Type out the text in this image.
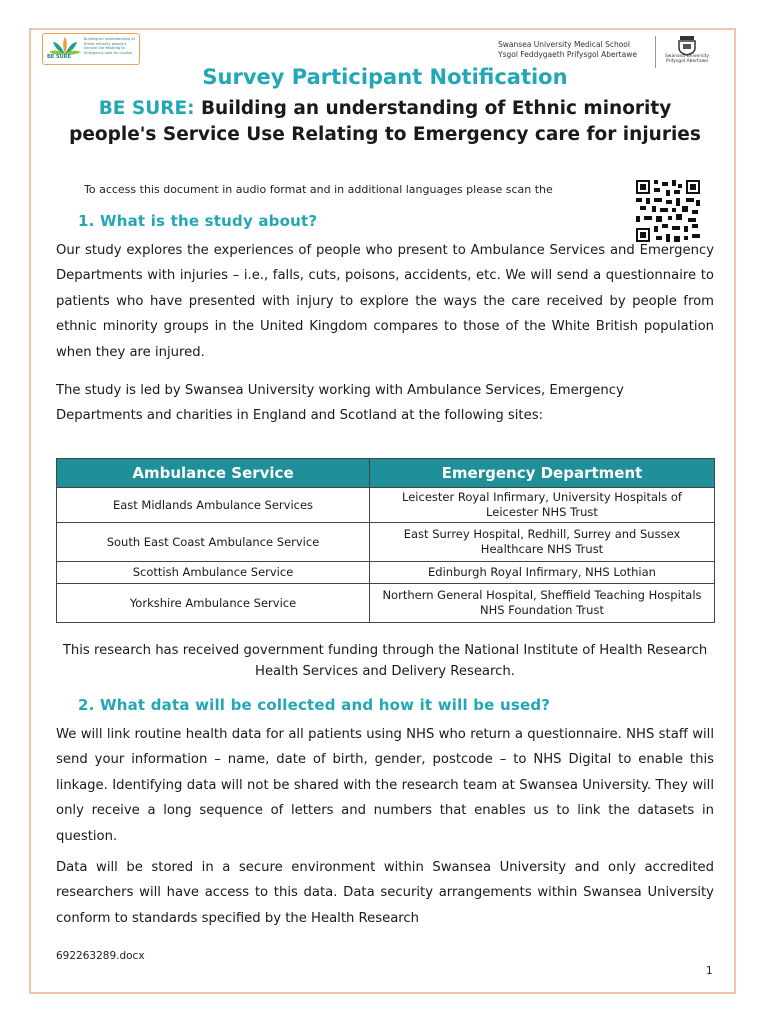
BE SURE
Building an understanding of Ethnic minority people's Service Use Relating to Emergency care for injuries
Swansea University Medical School
Ysgol Feddygaeth Prifysgol Abertawe	Swansea University
Prifysgol Abertawe
Survey Participant Notification
BE SURE: Building an understanding of Ethnic minority people's Service Use Relating to Emergency care for injuries
To access this document in audio format and in additional languages please scan the
1. What is the study about?
Our study explores the experiences of people who present to Ambulance Services and Emergency Departments with injuries – i.e., falls, cuts, poisons, accidents, etc. We will send a questionnaire to patients who have presented with injury to explore the ways the care received by people from ethnic minority groups in the United Kingdom compares to those of the White British population when they are injured.
The study is led by Swansea University working with Ambulance Services, Emergency Departments and charities in England and Scotland at the following sites:
Ambulance Service	Emergency Department
East Midlands Ambulance Services	Leicester Royal Infirmary, University Hospitals of Leicester NHS Trust
South East Coast Ambulance Service	East Surrey Hospital, Redhill, Surrey and Sussex Healthcare NHS Trust
Scottish Ambulance Service	Edinburgh Royal Infirmary, NHS Lothian
Yorkshire Ambulance Service	Northern General Hospital, Sheffield Teaching Hospitals NHS Foundation Trust
This research has received government funding through the National Institute of Health Research Health Services and Delivery Research.
2. What data will be collected and how it will be used?
We will link routine health data for all patients using NHS who return a questionnaire. NHS staff will send your information – name, date of birth, gender, postcode – to NHS Digital to enable this linkage. Identifying data will not be shared with the research team at Swansea University. They will only receive a long sequence of letters and numbers that enables us to link the datasets in question.
Data will be stored in a secure environment within Swansea University and only accredited researchers will have access to this data. Data security arrangements within Swansea University conform to standards specified by the Health Research
692263289.docx
1
